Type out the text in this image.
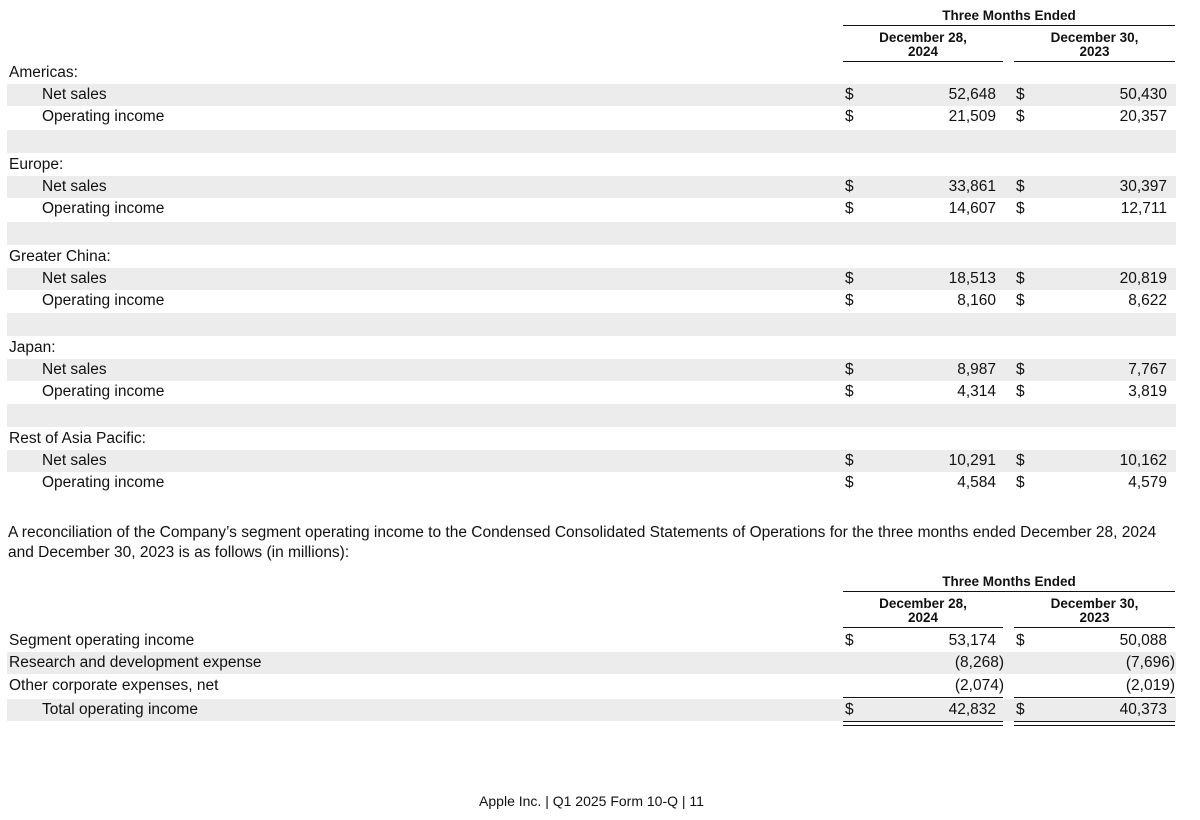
Three Months Ended
December 28,
2024
December 30,
2023
Americas:
Net sales	$	52,648 $	50,430
Operating income	$	21,509 $	20,357
Europe:
Net sales	$	33,861 $	30,397
Operating income	$	14,607 $	12,711
Greater China:
Net sales	$	18,513 $	20,819
Operating income	$	8,160 $	8,622
Japan:
Net sales	$	8,987 $	7,767
Operating income	$	4,314 $	3,819
Rest of Asia Pacific:
Net sales	$	10,291 $	10,162
Operating income	$	4,584 $	4,579
A reconciliation of the Company’s segment operating income to the Condensed Consolidated Statements of Operations for the three months ended December 28, 2024 and December 30, 2023 is as follows (in millions):
Three Months Ended
December 28,
2024
December 30,
2023
Segment operating income	$	53,174 $	50,088
Research and development expense	(8,268)	(7,696)
Other corporate expenses, net	(2,074)	(2,019)
Total operating income	$	42,832 $	40,373
Apple Inc. | Q1 2025 Form 10-Q | 11
